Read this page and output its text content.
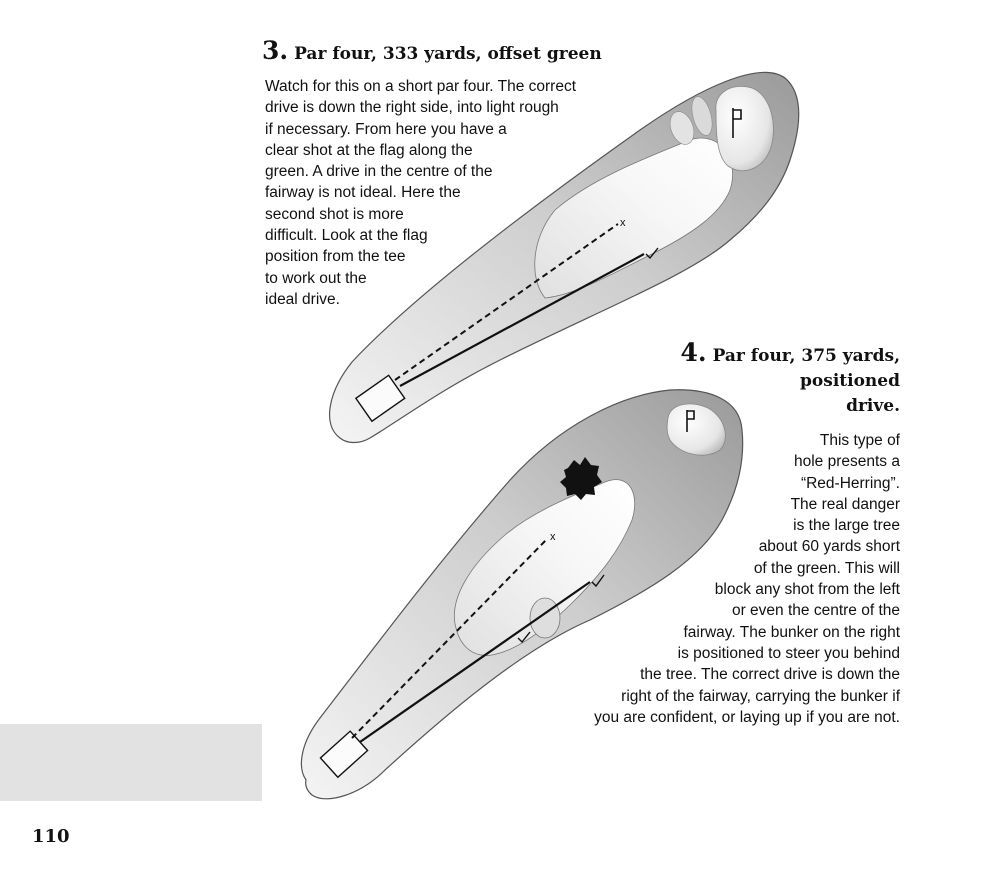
x
x
3. Par four, 333 yards, offset green

Watch for this on a short par four. The correct
drive is down the right side, into light rough
if necessary. From here you have a
clear shot at the flag along the
green. A drive in the centre of the
fairway is not ideal. Here the
second shot is more
difficult. Look at the flag
position from the tee
to work out the
ideal drive.

4. Par four, 375 yards,
positioned
drive.

This type of
hole presents a
“Red-Herring”.
The real danger
is the large tree
about 60 yards short
of the green. This will
block any shot from the left
or even the centre of the
fairway. The bunker on the right
is positioned to steer you behind
the tree. The correct drive is down the
right of the fairway, carrying the bunker if
you are confident, or laying up if you are not.

110
